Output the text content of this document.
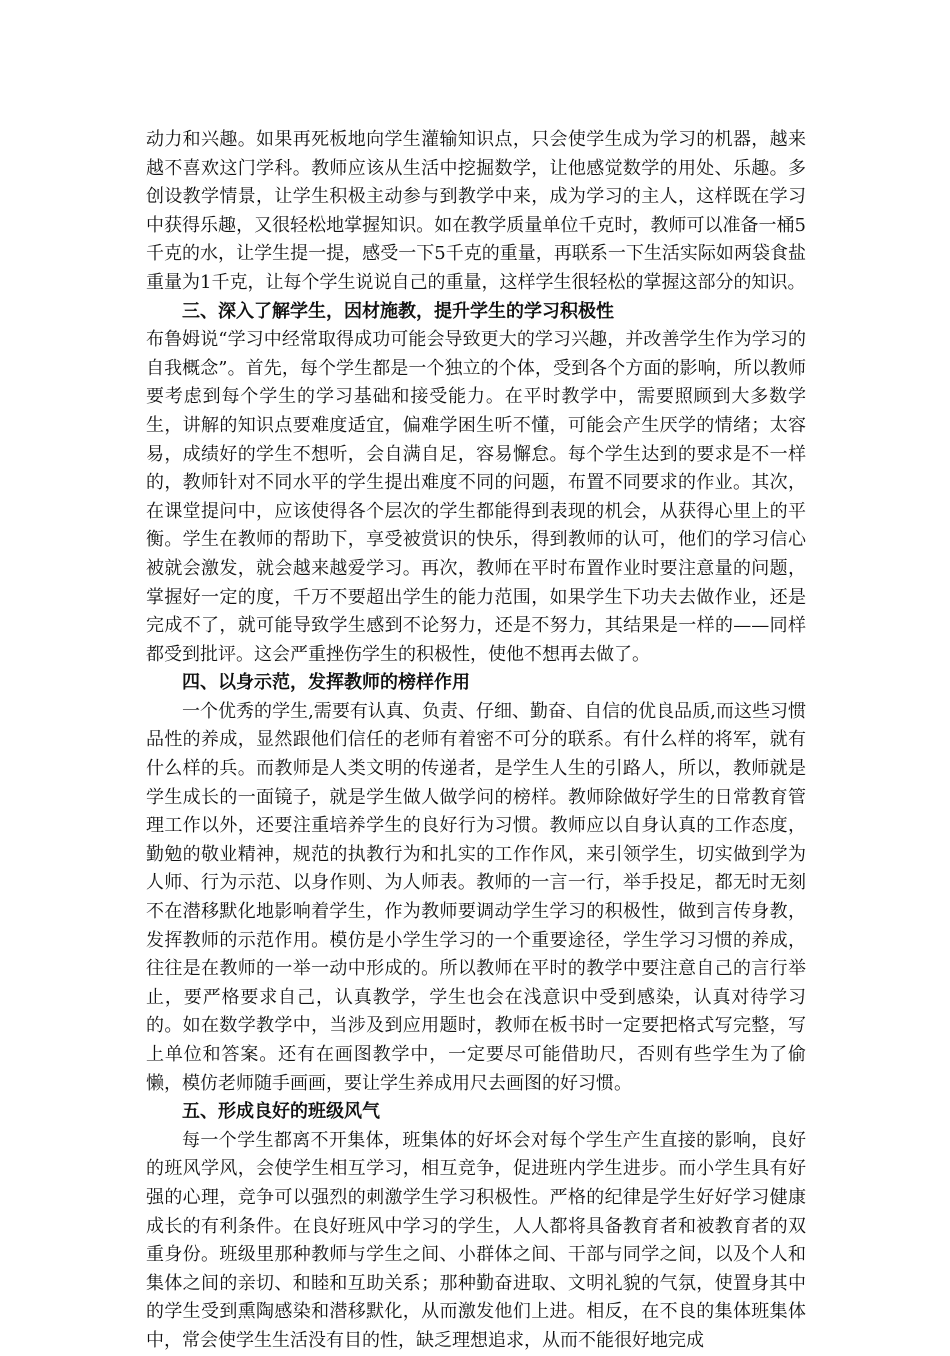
动力和兴趣。如果再死板地向学生灌输知识点，只会使学生成为学习的机器，越来越不喜欢这门学科。教师应该从生活中挖掘数学，让他感觉数学的用处、乐趣。多创设教学情景，让学生积极主动参与到教学中来，成为学习的主人，这样既在学习中获得乐趣，又很轻松地掌握知识。如在教学质量单位千克时，教师可以准备一桶5千克的水，让学生提一提，感受一下5千克的重量，再联系一下生活实际如两袋食盐重量为1千克，让每个学生说说自己的重量，这样学生很轻松的掌握这部分的知识。

三、深入了解学生，因材施教，提升学生的学习积极性

布鲁姆说“学习中经常取得成功可能会导致更大的学习兴趣，并改善学生作为学习的自我概念”。首先，每个学生都是一个独立的个体，受到各个方面的影响，所以教师要考虑到每个学生的学习基础和接受能力。在平时教学中，需要照顾到大多数学生，讲解的知识点要难度适宜，偏难学困生听不懂，可能会产生厌学的情绪；太容易，成绩好的学生不想听，会自满自足，容易懈怠。每个学生达到的要求是不一样的，教师针对不同水平的学生提出难度不同的问题，布置不同要求的作业。其次，在课堂提问中，应该使得各个层次的学生都能得到表现的机会，从获得心里上的平衡。学生在教师的帮助下，享受被赏识的快乐，得到教师的认可，他们的学习信心被就会激发，就会越来越爱学习。再次，教师在平时布置作业时要注意量的问题，掌握好一定的度，千万不要超出学生的能力范围，如果学生下功夫去做作业，还是完成不了，就可能导致学生感到不论努力，还是不努力，其结果是一样的——同样都受到批评。这会严重挫伤学生的积极性，使他不想再去做了。

四、以身示范，发挥教师的榜样作用

一个优秀的学生,需要有认真、负责、仔细、勤奋、自信的优良品质,而这些习惯品性的养成，显然跟他们信任的老师有着密不可分的联系。有什么样的将军，就有什么样的兵。而教师是人类文明的传递者，是学生人生的引路人，所以，教师就是学生成长的一面镜子，就是学生做人做学问的榜样。教师除做好学生的日常教育管理工作以外，还要注重培养学生的良好行为习惯。教师应以自身认真的工作态度，勤勉的敬业精神，规范的执教行为和扎实的工作作风，来引领学生，切实做到学为人师、行为示范、以身作则、为人师表。教师的一言一行，举手投足，都无时无刻不在潜移默化地影响着学生，作为教师要调动学生学习的积极性，做到言传身教，发挥教师的示范作用。模仿是小学生学习的一个重要途径，学生学习习惯的养成，往往是在教师的一举一动中形成的。所以教师在平时的教学中要注意自己的言行举止，要严格要求自己，认真教学，学生也会在浅意识中受到感染，认真对待学习的。如在数学教学中，当涉及到应用题时，教师在板书时一定要把格式写完整，写上单位和答案。还有在画图教学中，一定要尽可能借助尺，否则有些学生为了偷懒，模仿老师随手画画，要让学生养成用尺去画图的好习惯。

五、形成良好的班级风气

每一个学生都离不开集体，班集体的好坏会对每个学生产生直接的影响，良好的班风学风，会使学生相互学习，相互竞争，促进班内学生进步。而小学生具有好强的心理，竞争可以强烈的刺激学生学习积极性。严格的纪律是学生好好学习健康成长的有利条件。在良好班风中学习的学生，人人都将具备教育者和被教育者的双重身份。班级里那种教师与学生之间、小群体之间、干部与同学之间，以及个人和集体之间的亲切、和睦和互助关系；那种勤奋进取、文明礼貌的气氛，使置身其中的学生受到熏陶感染和潜移默化，从而激发他们上进。相反，在不良的集体班集体中，常会使学生生活没有目的性，缺乏理想追求，从而不能很好地完成
